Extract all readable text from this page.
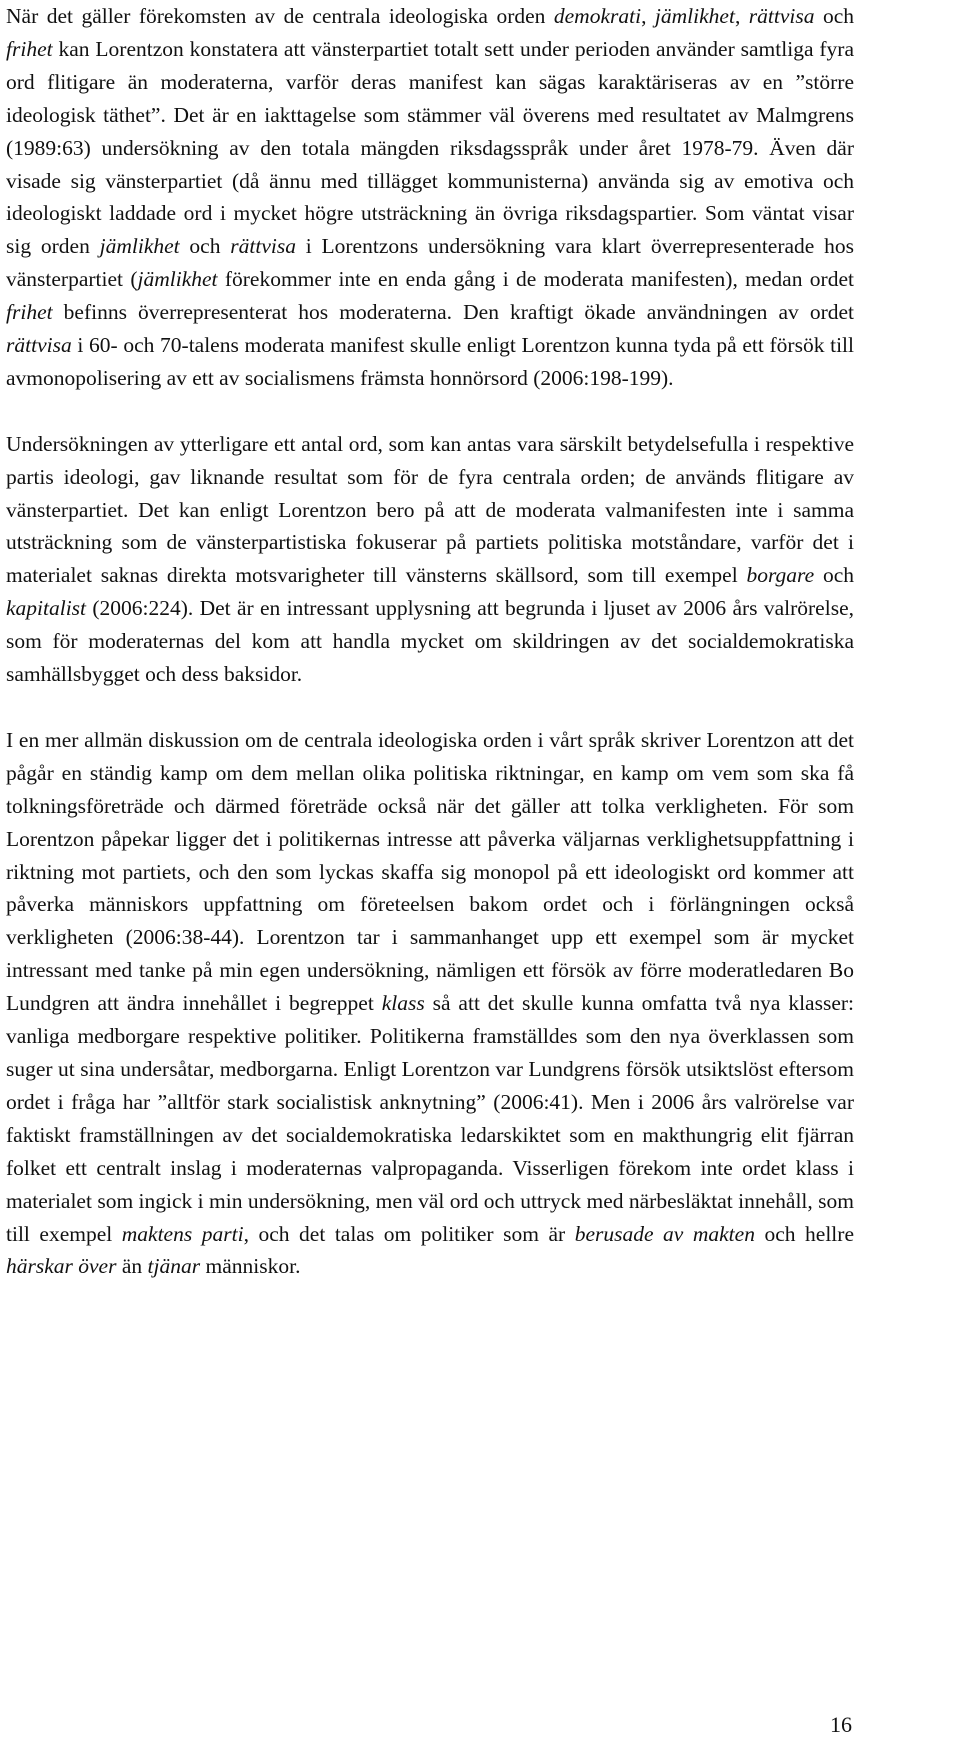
När det gäller förekomsten av de centrala ideologiska orden demokrati, jämlikhet, rättvisa och frihet kan Lorentzon konstatera att vänsterpartiet totalt sett under perioden använder samtliga fyra ord flitigare än moderaterna, varför deras manifest kan sägas karaktäriseras av en ”större ideologisk täthet”. Det är en iakttagelse som stämmer väl överens med resultatet av Malmgrens (1989:63) undersökning av den totala mängden riksdagsspråk under året 1978-79. Även där visade sig vänsterpartiet (då ännu med tillägget kommunisterna) använda sig av emotiva och ideologiskt laddade ord i mycket högre utsträckning än övriga riksdagspartier. Som väntat visar sig orden jämlikhet och rättvisa i Lorentzons undersökning vara klart överrepresenterade hos vänsterpartiet (jämlikhet förekommer inte en enda gång i de moderata manifesten), medan ordet frihet befinns överrepresenterat hos moderaterna. Den kraftigt ökade användningen av ordet rättvisa i 60- och 70-talens moderata manifest skulle enligt Lorentzon kunna tyda på ett försök till avmonopolisering av ett av socialismens främsta honnörsord (2006:198-199).

Undersökningen av ytterligare ett antal ord, som kan antas vara särskilt betydelsefulla i respektive partis ideologi, gav liknande resultat som för de fyra centrala orden; de används flitigare av vänsterpartiet. Det kan enligt Lorentzon bero på att de moderata valmanifesten inte i samma utsträckning som de vänsterpartistiska fokuserar på partiets politiska motståndare, varför det i materialet saknas direkta motsvarigheter till vänsterns skällsord, som till exempel borgare och kapitalist (2006:224). Det är en intressant upplysning att begrunda i ljuset av 2006 års valrörelse, som för moderaternas del kom att handla mycket om skildringen av det socialdemokratiska samhällsbygget och dess baksidor.

I en mer allmän diskussion om de centrala ideologiska orden i vårt språk skriver Lorentzon att det pågår en ständig kamp om dem mellan olika politiska riktningar, en kamp om vem som ska få tolkningsföreträde och därmed företräde också när det gäller att tolka verkligheten. För som Lorentzon påpekar ligger det i politikernas intresse att påverka väljarnas verklighetsuppfattning i riktning mot partiets, och den som lyckas skaffa sig monopol på ett ideologiskt ord kommer att påverka människors uppfattning om företeelsen bakom ordet och i förlängningen också verkligheten (2006:38-44). Lorentzon tar i sammanhanget upp ett exempel som är mycket intressant med tanke på min egen undersökning, nämligen ett försök av förre moderatledaren Bo Lundgren att ändra innehållet i begreppet klass så att det skulle kunna omfatta två nya klasser: vanliga medborgare respektive politiker. Politikerna framställdes som den nya överklassen som suger ut sina undersåtar, medborgarna. Enligt Lorentzon var Lundgrens försök utsiktslöst eftersom ordet i fråga har ”alltför stark socialistisk anknytning” (2006:41). Men i 2006 års valrörelse var faktiskt framställningen av det socialdemokratiska ledarskiktet som en makthungrig elit fjärran folket ett centralt inslag i moderaternas valpropaganda. Visserligen förekom inte ordet klass i materialet som ingick i min undersökning, men väl ord och uttryck med närbesläktat innehåll, som till exempel maktens parti, och det talas om politiker som är berusade av makten och hellre härskar över än tjänar människor.

16
